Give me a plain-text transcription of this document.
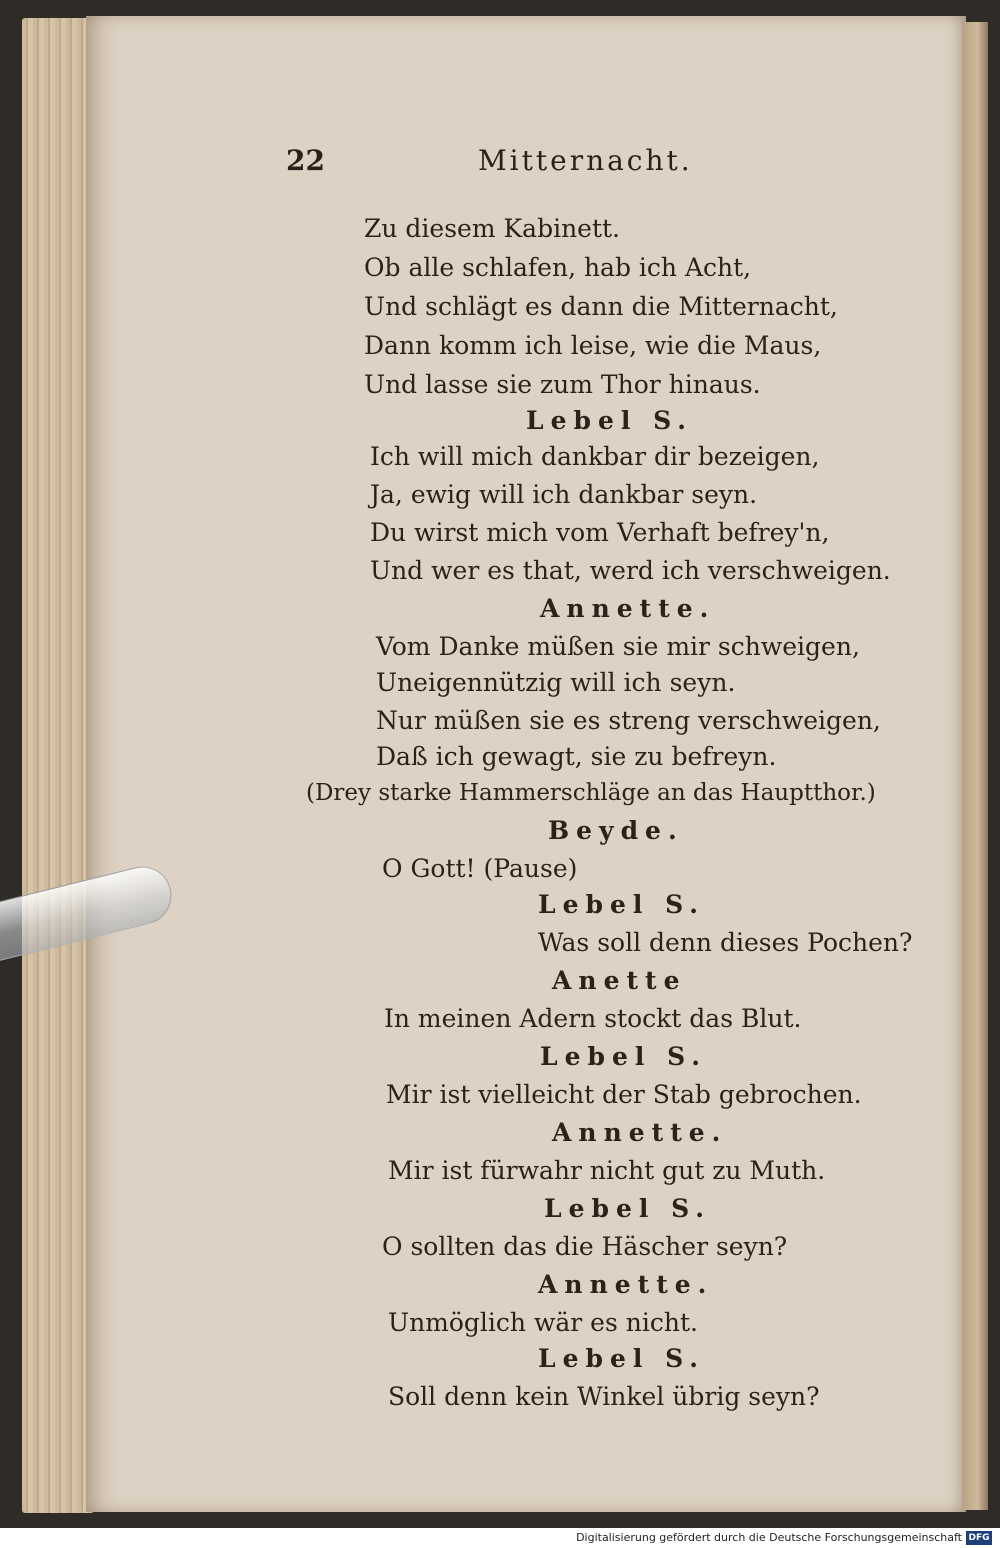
22	Mitternacht.
Zu diesem Kabinett.
Ob alle schlafen, hab ich Acht,
Und schlägt es dann die Mitternacht,
Dann komm ich leise, wie die Maus,
Und lasse sie zum Thor hinaus.
Lebel S.
Ich will mich dankbar dir bezeigen,
Ja, ewig will ich dankbar seyn.
Du wirst mich vom Verhaft befrey'n,
Und wer es that, werd ich verschweigen.
Annette.
Vom Danke müßen sie mir schweigen,
Uneigennützig will ich seyn.
Nur müßen sie es streng verschweigen,
Daß ich gewagt, sie zu befreyn.
(Drey starke Hammerschläge an das Hauptthor.)
Beyde.
O Gott! (Pause)
Lebel S.
Was soll denn dieses Pochen?
Anette
In meinen Adern stockt das Blut.
Lebel S.
Mir ist vielleicht der Stab gebrochen.
Annette.
Mir ist fürwahr nicht gut zu Muth.
Lebel S.
O sollten das die Häscher seyn?
Annette.
Unmöglich wär es nicht.
Lebel S.
Soll denn kein Winkel übrig seyn?
Digitalisierung gefördert durch die Deutsche Forschungsgemeinschaft DFG
